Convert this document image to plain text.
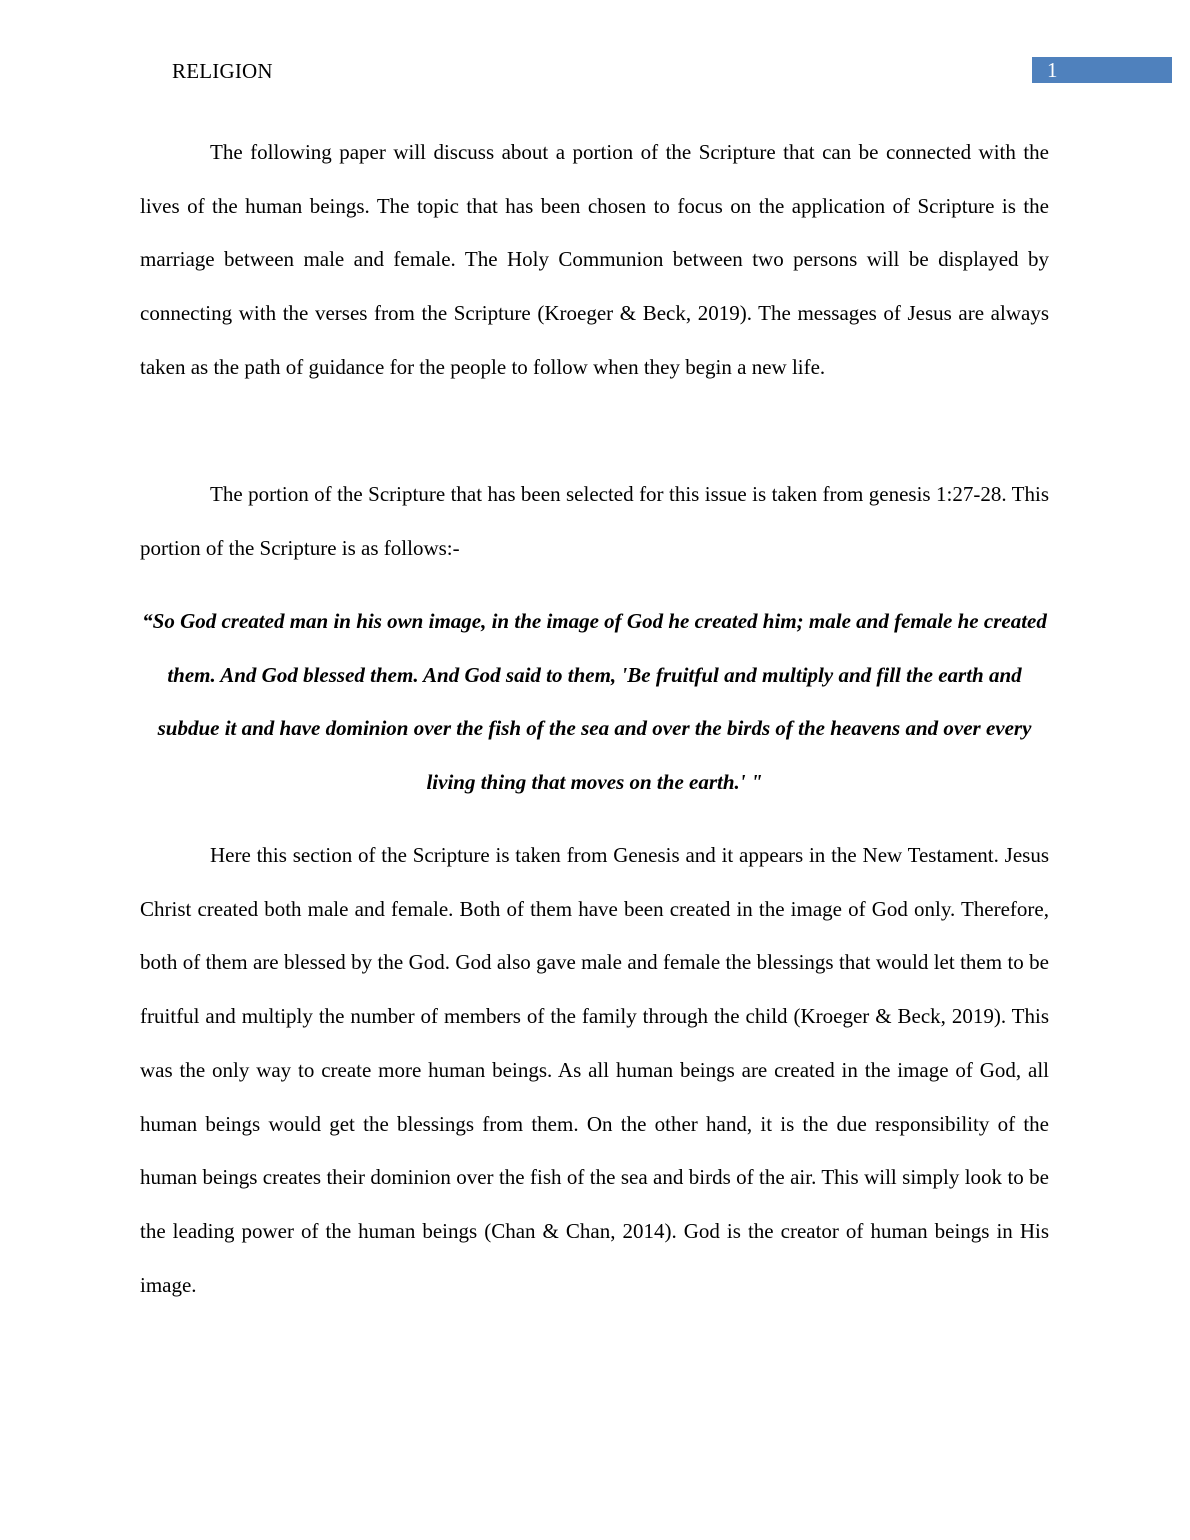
RELIGION	1

The following paper will discuss about a portion of the Scripture that can be connected with the lives of the human beings. The topic that has been chosen to focus on the application of Scripture is the marriage between male and female. The Holy Communion between two persons will be displayed by connecting with the verses from the Scripture (Kroeger & Beck, 2019). The messages of Jesus are always taken as the path of guidance for the people to follow when they begin a new life.

The portion of the Scripture that has been selected for this issue is taken from genesis 1:27-28. This portion of the Scripture is as follows:-

“So God created man in his own image, in the image of God he created him; male and female he created them. And God blessed them. And God said to them, 'Be fruitful and multiply and fill the earth and subdue it and have dominion over the fish of the sea and over the birds of the heavens and over every living thing that moves on the earth.' "

Here this section of the Scripture is taken from Genesis and it appears in the New Testament. Jesus Christ created both male and female. Both of them have been created in the image of God only. Therefore, both of them are blessed by the God. God also gave male and female the blessings that would let them to be fruitful and multiply the number of members of the family through the child (Kroeger & Beck, 2019). This was the only way to create more human beings. As all human beings are created in the image of God, all human beings would get the blessings from them. On the other hand, it is the due responsibility of the human beings creates their dominion over the fish of the sea and birds of the air. This will simply look to be the leading power of the human beings (Chan & Chan, 2014). God is the creator of human beings in His image.
